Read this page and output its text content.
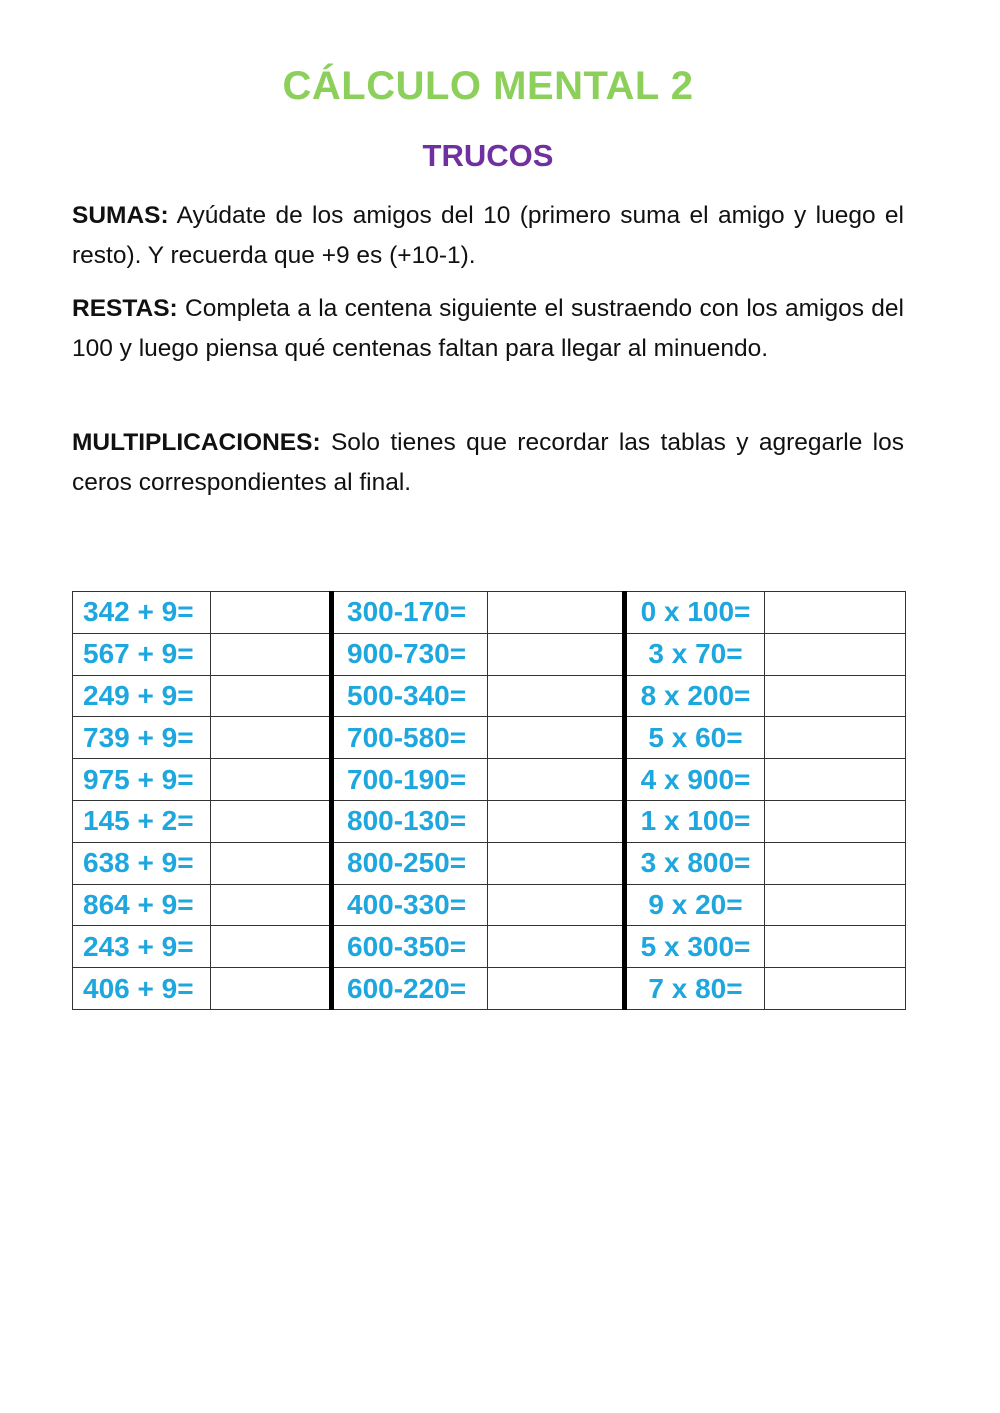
CÁLCULO MENTAL 2
TRUCOS

SUMAS: Ayúdate de los amigos del 10 (primero suma el amigo y luego el resto). Y recuerda que +9 es (+10-1).

RESTAS: Completa a la centena siguiente el sustraendo con los amigos del 100 y luego piensa qué centenas faltan para llegar al minuendo.

MULTIPLICACIONES: Solo tienes que recordar las tablas y agregarle los ceros correspondientes al final.

342 + 9=		300-170=		0 x 100=	
567 + 9=		900-730=		3 x 70=	
249 + 9=		500-340=		8 x 200=	
739 + 9=		700-580=		5 x 60=	
975 + 9=		700-190=		4 x 900=	
145 + 2=		800-130=		1 x 100=	
638 + 9=		800-250=		3 x 800=	
864 + 9=		400-330=		9 x 20=	
243 + 9=		600-350=		5 x 300=	
406 + 9=		600-220=		7 x 80=	
